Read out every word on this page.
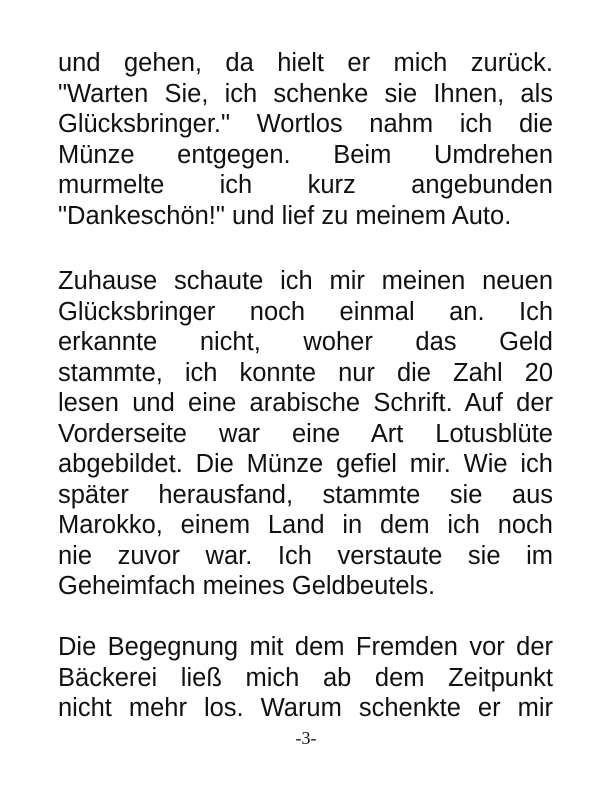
und gehen, da hielt er mich zurück.
"Warten Sie, ich schenke sie Ihnen, als
Glücksbringer." Wortlos nahm ich die
Münze entgegen. Beim Umdrehen
murmelte ich kurz angebunden
"Dankeschön!" und lief zu meinem Auto.
Zuhause schaute ich mir meinen neuen
Glücksbringer noch einmal an. Ich
erkannte nicht, woher das Geld
stammte, ich konnte nur die Zahl 20
lesen und eine arabische Schrift. Auf der
Vorderseite war eine Art Lotusblüte
abgebildet. Die Münze gefiel mir. Wie ich
später herausfand, stammte sie aus
Marokko, einem Land in dem ich noch
nie zuvor war. Ich verstaute sie im
Geheimfach meines Geldbeutels.
Die Begegnung mit dem Fremden vor der
Bäckerei ließ mich ab dem Zeitpunkt
nicht mehr los. Warum schenkte er mir
-3-
